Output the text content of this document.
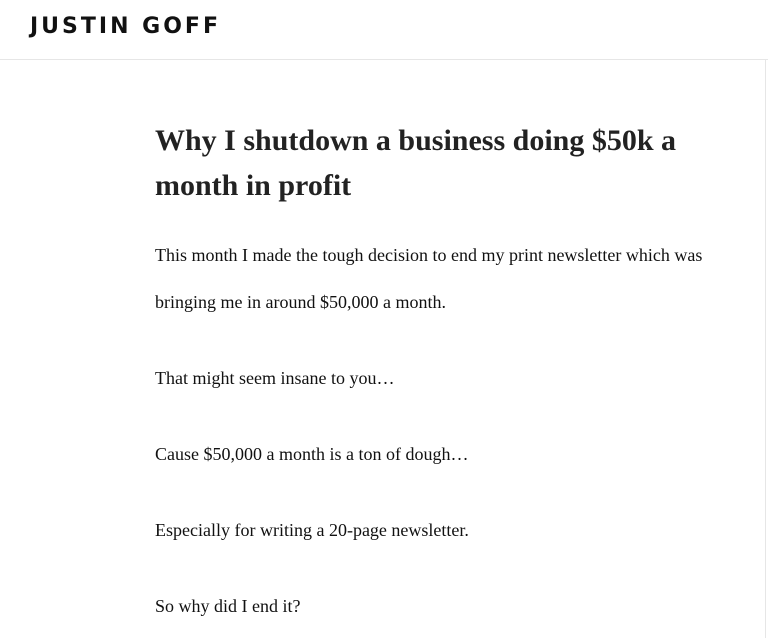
JUSTIN GOFF
Why I shutdown a business doing $50k a month in profit

This month I made the tough decision to end my print newsletter which was bringing me in around $50,000 a month.

That might seem insane to you…

Cause $50,000 a month is a ton of dough…

Especially for writing a 20-page newsletter.

So why did I end it?
